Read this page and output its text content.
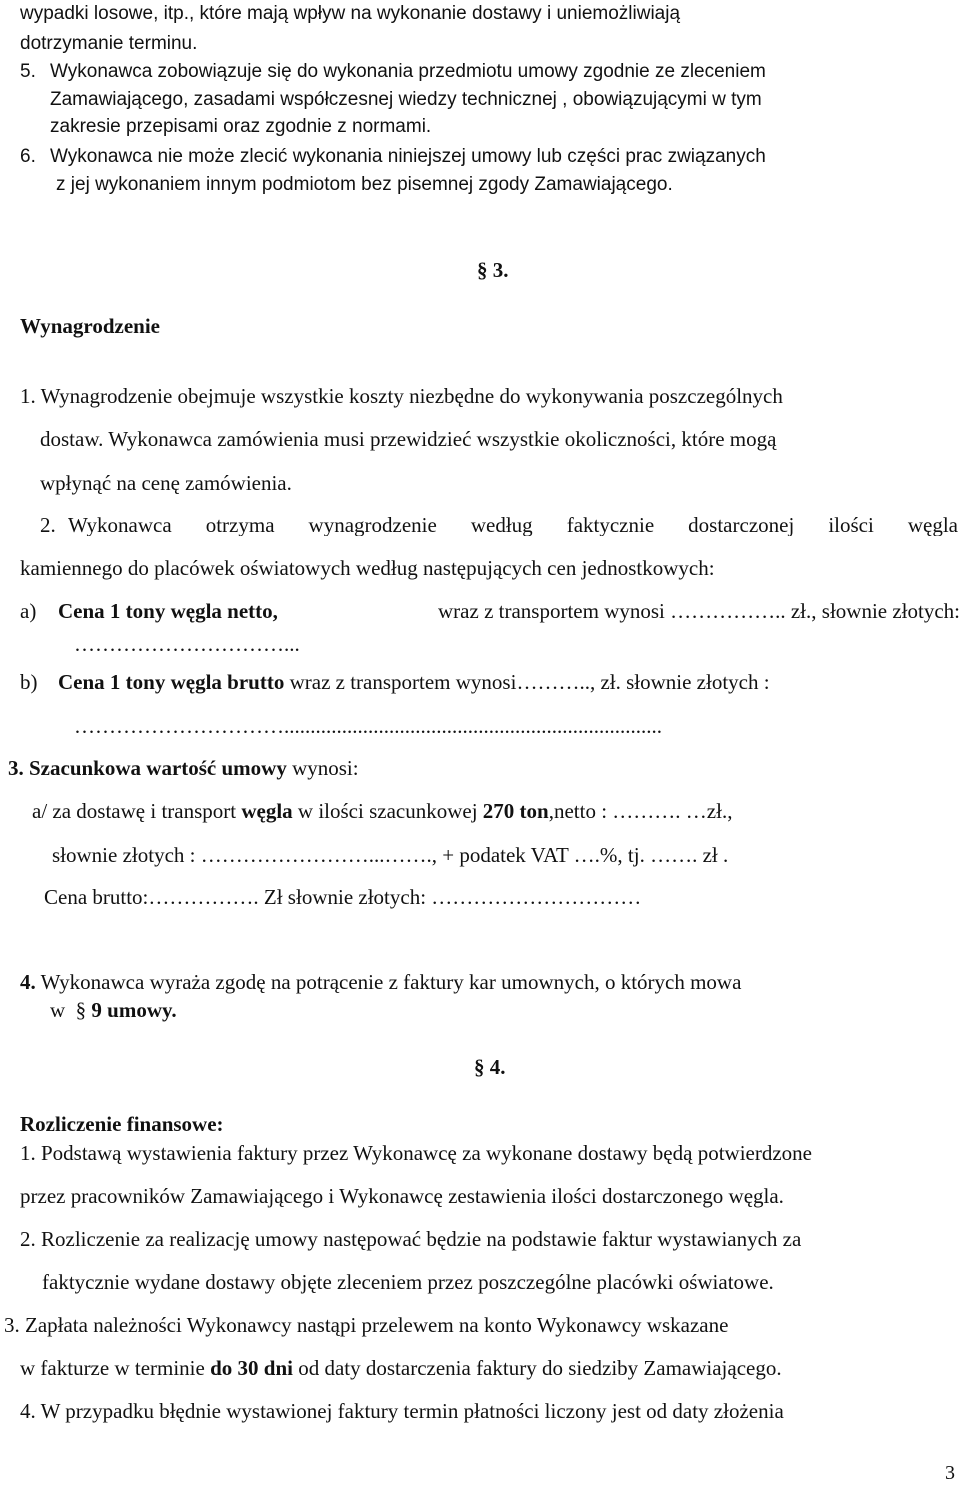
wypadki losowe, itp., które mają wpływ na wykonanie dostawy i uniemożliwiają
dotrzymanie terminu.
5. Wykonawca zobowiązuje się do wykonania przedmiotu umowy zgodnie ze zleceniem
Zamawiającego, zasadami współczesnej wiedzy technicznej , obowiązującymi w tym
zakresie przepisami oraz zgodnie z normami.
6. Wykonawca nie może zlecić wykonania niniejszej umowy lub części prac związanych
z jej wykonaniem innym podmiotom bez pisemnej zgody Zamawiającego.
§ 3.
Wynagrodzenie
1. Wynagrodzenie obejmuje wszystkie koszty niezbędne do wykonywania poszczególnych
dostaw. Wykonawca zamówienia musi przewidzieć wszystkie okoliczności, które mogą
wpłynąć na cenę zamówienia.
2. Wykonawca otrzyma wynagrodzenie według faktycznie dostarczonej ilości węgla
kamiennego do placówek oświatowych według następujących cen jednostkowych:
a) Cena 1 tony węgla netto,	wraz z transportem wynosi …………….. zł., słownie złotych:
…………………………...
b) Cena 1 tony węgla brutto wraz z transportem wynosi……….., zł. słownie złotych :
…………………………........................................................................
3. Szacunkowa wartość umowy wynosi:
a/ za dostawę i transport węgla w ilości szacunkowej 270 ton,netto : ………. …zł.,
słownie złotych : ……………………...……., + podatek VAT ….%, tj. ……. zł .
Cena brutto:……………. Zł słownie złotych: …………………………
4. Wykonawca wyraża zgodę na potrącenie z faktury kar umownych, o których mowa
w § 9 umowy.
§ 4.
Rozliczenie finansowe:
1. Podstawą wystawienia faktury przez Wykonawcę za wykonane dostawy będą potwierdzone
przez pracowników Zamawiającego i Wykonawcę zestawienia ilości dostarczonego węgla.
2. Rozliczenie za realizację umowy następować będzie na podstawie faktur wystawianych za
faktycznie wydane dostawy objęte zleceniem przez poszczególne placówki oświatowe.
3. Zapłata należności Wykonawcy nastąpi przelewem na konto Wykonawcy wskazane
w fakturze w terminie do 30 dni od daty dostarczenia faktury do siedziby Zamawiającego.
4. W przypadku błędnie wystawionej faktury termin płatności liczony jest od daty złożenia
3
